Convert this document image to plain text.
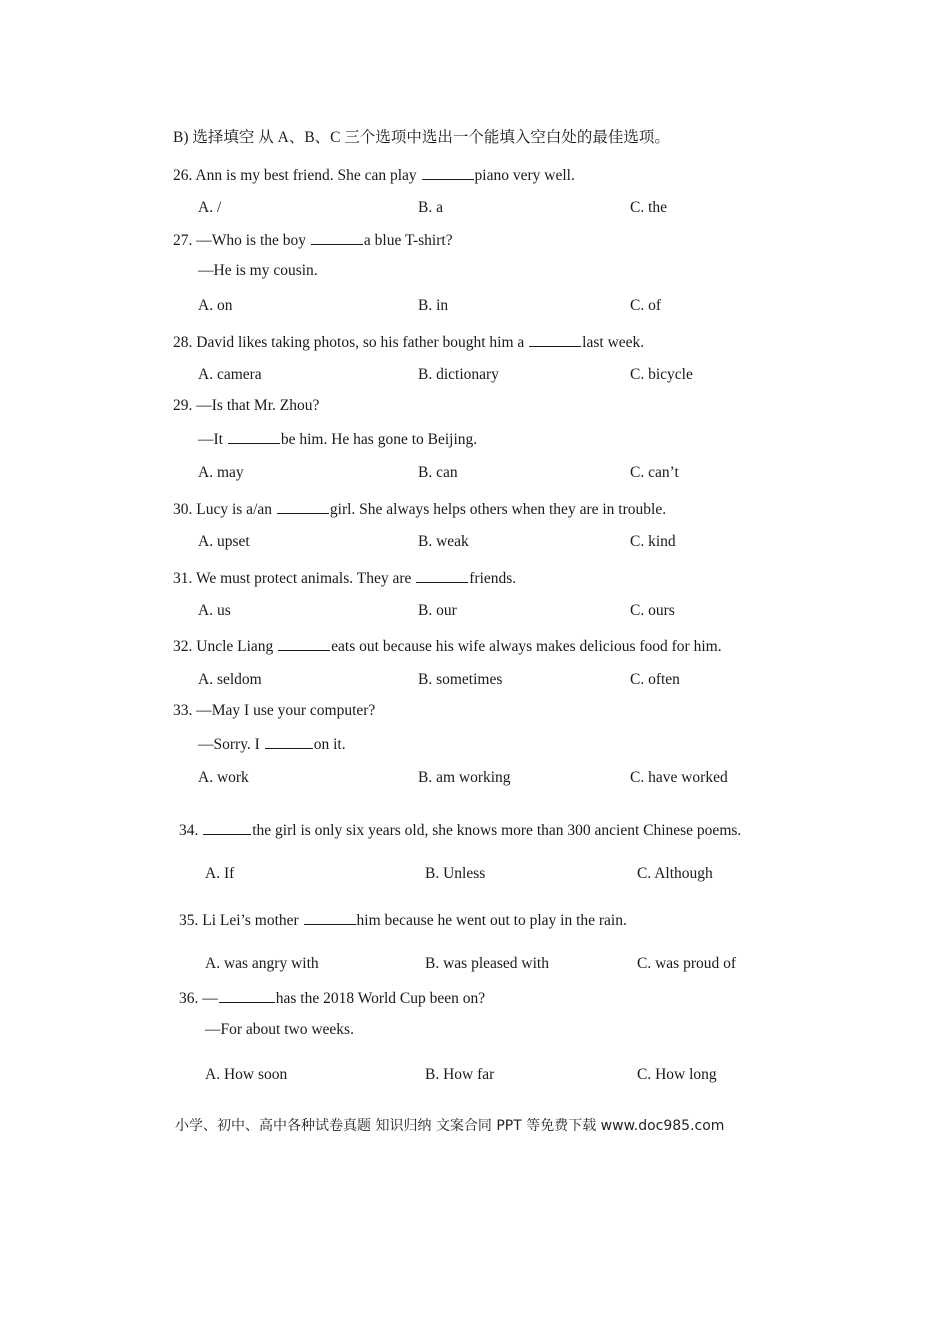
B) 选择填空 从 A、B、C 三个选项中选出一个能填入空白处的最佳选项。
26. Ann is my best friend. She can play	piano very well.
A. /	B. a	C. the
27. —Who is the boy	a blue T-shirt?
—He is my cousin.
A. on	B. in	C. of
28. David likes taking photos, so his father bought him a	last week.
A. camera	B. dictionary	C. bicycle
29. —Is that Mr. Zhou?
—It	be him. He has gone to Beijing.
A. may	B. can	C. can’t
30. Lucy is a/an	girl. She always helps others when they are in trouble.
A. upset	B. weak	C. kind
31. We must protect animals. They are	friends.
A. us	B. our	C. ours
32. Uncle Liang	eats out because his wife always makes delicious food for him.
A. seldom	B. sometimes	C. often
33. —May I use your computer?
—Sorry. I	on it.
A. work	B. am working	C. have worked
34.	the girl is only six years old, she knows more than 300 ancient Chinese poems.
A. If	B. Unless	C. Although
35. Li Lei’s mother	him because he went out to play in the rain.
A. was angry with	B. was pleased with	C. was proud of
36. —	has the 2018 World Cup been on?
—For about two weeks.
A. How soon	B. How far	C. How long
小学、初中、高中各种试卷真题 知识归纳 文案合同 PPT 等免费下载 www.doc985.com
